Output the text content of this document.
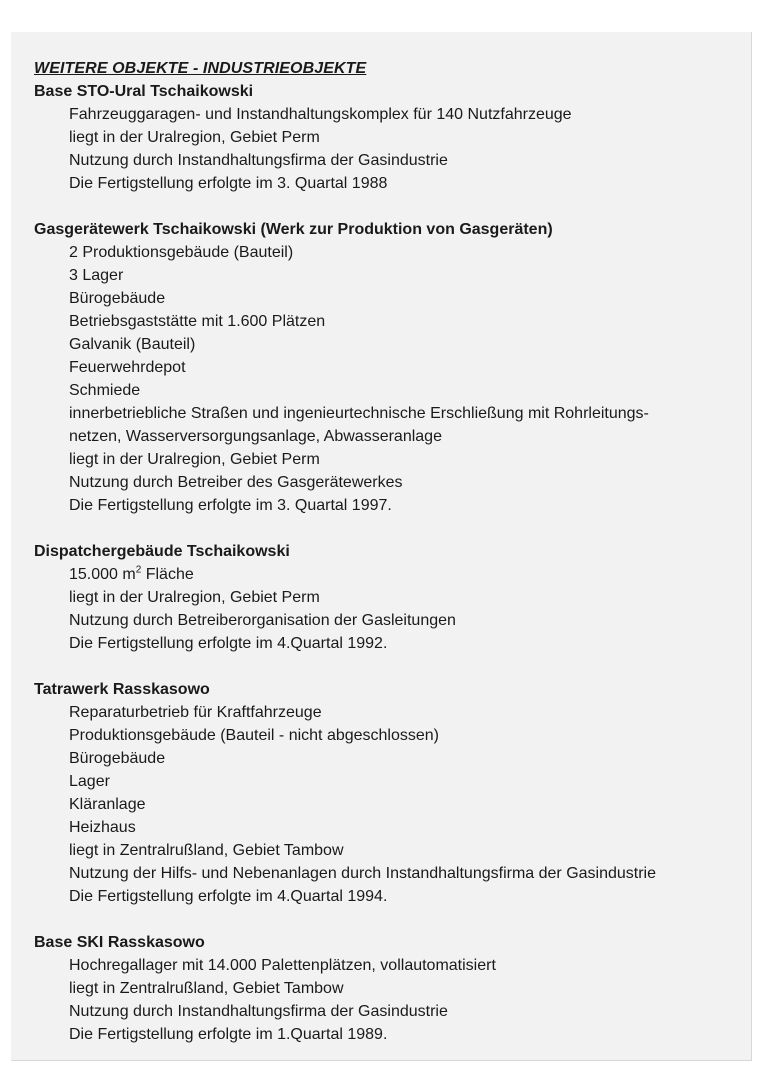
WEITERE OBJEKTE - INDUSTRIEOBJEKTE

Base STO-Ural Tschaikowski

Fahrzeuggaragen- und Instandhaltungskomplex für 140 Nutzfahrzeuge
liegt in der Uralregion, Gebiet Perm
Nutzung durch Instandhaltungsfirma der Gasindustrie
Die Fertigstellung erfolgte im 3. Quartal 1988

Gasgerätewerk Tschaikowski (Werk zur Produktion von Gasgeräten)

2 Produktionsgebäude (Bauteil)
3 Lager
Bürogebäude
Betriebsgaststätte mit 1.600 Plätzen
Galvanik (Bauteil)
Feuerwehrdepot
Schmiede
innerbetriebliche Straßen und ingenieurtechnische Erschließung mit Rohrleitungs-
netzen, Wasserversorgungsanlage, Abwasseranlage
liegt in der Uralregion, Gebiet Perm
Nutzung durch Betreiber des Gasgerätewerkes
Die Fertigstellung erfolgte im 3. Quartal 1997.

Dispatchergebäude Tschaikowski

15.000 $m^2$ Fläche
liegt in der Uralregion, Gebiet Perm
Nutzung durch Betreiberorganisation der Gasleitungen
Die Fertigstellung erfolgte im 4.Quartal 1992.

Tatrawerk Rasskasowo

Reparaturbetrieb für Kraftfahrzeuge
Produktionsgebäude (Bauteil - nicht abgeschlossen)
Bürogebäude
Lager
Kläranlage
Heizhaus
liegt in Zentralrußland, Gebiet Tambow
Nutzung der Hilfs- und Nebenanlagen durch Instandhaltungsfirma der Gasindustrie
Die Fertigstellung erfolgte im 4.Quartal 1994.

Base SKI Rasskasowo

Hochregallager mit 14.000 Palettenplätzen, vollautomatisiert
liegt in Zentralrußland, Gebiet Tambow
Nutzung durch Instandhaltungsfirma der Gasindustrie
Die Fertigstellung erfolgte im 1.Quartal 1989.
